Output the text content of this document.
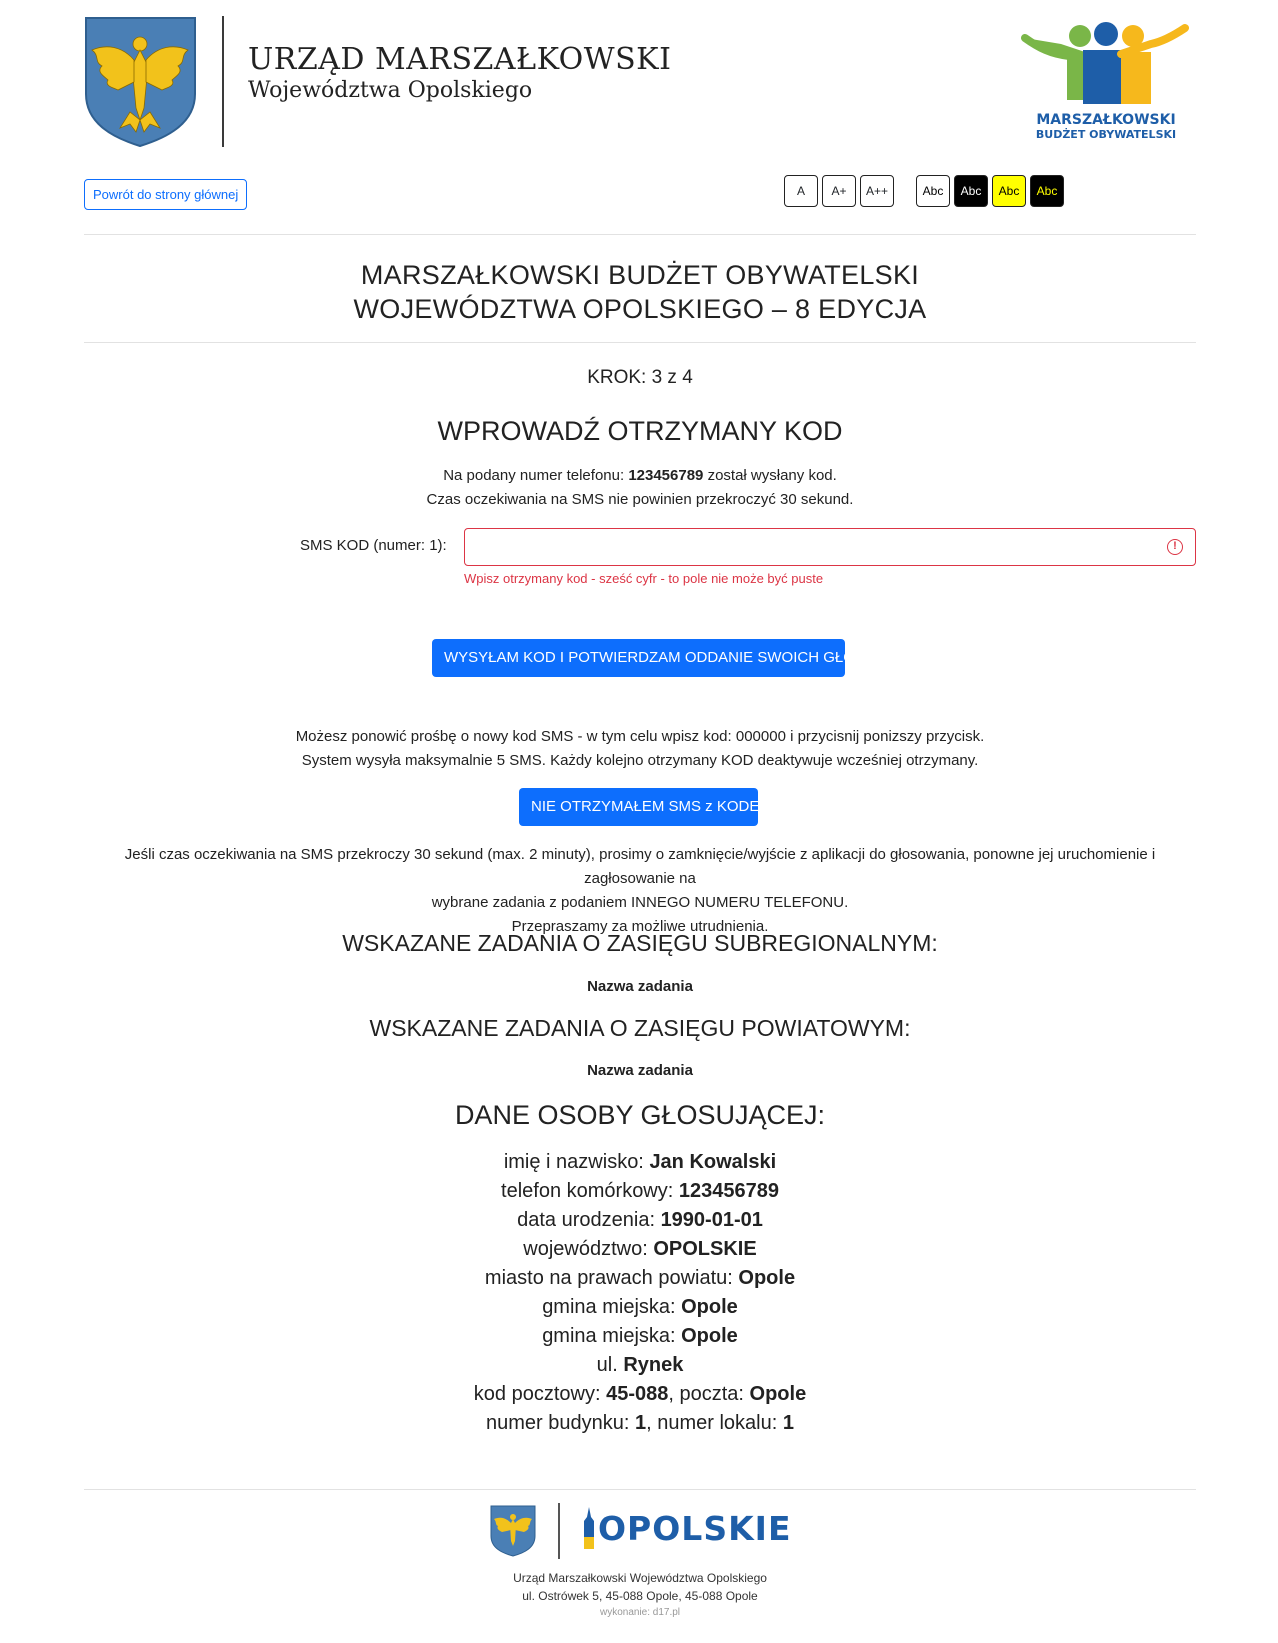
URZĄD MARSZAŁKOWSKI
Województwa Opolskiego
MARSZAŁKOWSKI
BUDŻET OBYWATELSKI
Powrót do strony głównej	A	A+	A++	Abc	Abc	Abc	Abc
MARSZAŁKOWSKI BUDŻET OBYWATELSKI
WOJEWÓDZTWA OPOLSKIEGO – 8 EDYCJA
KROK: 3 z 4
WPROWADŹ OTRZYMANY KOD
Na podany numer telefonu: 123456789 został wysłany kod.
Czas oczekiwania na SMS nie powinien przekroczyć 30 sekund.
SMS KOD (numer: 1):	!
Wpisz otrzymany kod - sześć cyfr - to pole nie może być puste
WYSYŁAM KOD I POTWIERDZAM ODDANIE SWOICH GŁOSÓW
Możesz ponowić prośbę o nowy kod SMS - w tym celu wpisz kod: 000000 i przycisnij ponizszy przycisk.
System wysyła maksymalnie 5 SMS. Każdy kolejno otrzymany KOD deaktywuje wcześniej otrzymany.
NIE OTRZYMAŁEM SMS z KODEM
Jeśli czas oczekiwania na SMS przekroczy 30 sekund (max. 2 minuty), prosimy o zamknięcie/wyjście z aplikacji do głosowania, ponowne jej uruchomienie i zagłosowanie na
wybrane zadania z podaniem INNEGO NUMERU TELEFONU.
Przepraszamy za możliwe utrudnienia.
WSKAZANE ZADANIA O ZASIĘGU SUBREGIONALNYM:
Nazwa zadania
WSKAZANE ZADANIA O ZASIĘGU POWIATOWYM:
Nazwa zadania
DANE OSOBY GŁOSUJĄCEJ:
imię i nazwisko: Jan Kowalski
telefon komórkowy: 123456789
data urodzenia: 1990-01-01
województwo: OPOLSKIE
miasto na prawach powiatu: Opole
gmina miejska: Opole
gmina miejska: Opole
ul. Rynek
kod pocztowy: 45-088, poczta: Opole
numer budynku: 1, numer lokalu: 1
OPOLSKIE
Urząd Marszałkowski Województwa Opolskiego
ul. Ostrówek 5, 45-088 Opole, 45-088 Opole
wykonanie: d17.pl
